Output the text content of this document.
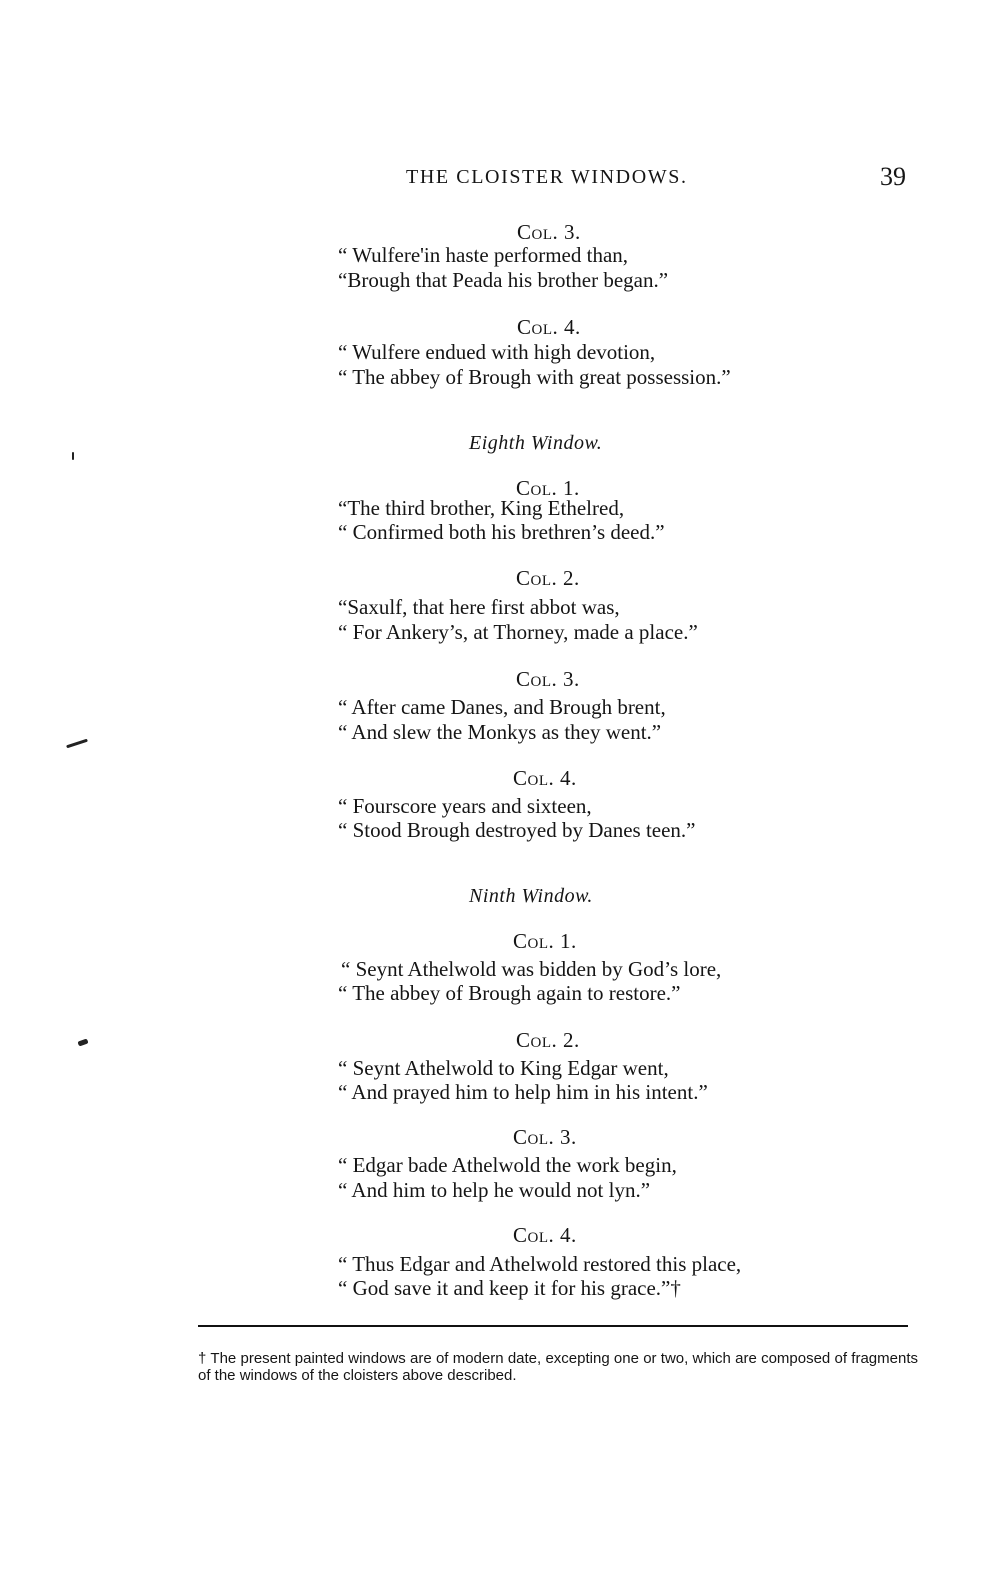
THE CLOISTER WINDOWS.	39
Col. 3.
“ Wulfere'in haste performed than,
“Brough that Peada his brother began.”
Col. 4.
“ Wulfere endued with high devotion,
“ The abbey of Brough with great possession.”
Eighth Window.
Col. 1.
“The third brother, King Ethelred,
“ Confirmed both his brethren’s deed.”
Col. 2.
“Saxulf, that here first abbot was,
“ For Ankery’s, at Thorney, made a place.”
Col. 3.
“ After came Danes, and Brough brent,
“ And slew the Monkys as they went.”
Col. 4.
“ Fourscore years and sixteen,
“ Stood Brough destroyed by Danes teen.”
Ninth Window.
Col. 1.
“ Seynt Athelwold was bidden by God’s lore,
“ The abbey of Brough again to restore.”
Col. 2.
“ Seynt Athelwold to King Edgar went,
“ And prayed him to help him in his intent.”
Col. 3.
“ Edgar bade Athelwold the work begin,
“ And him to help he would not lyn.”
Col. 4.
“ Thus Edgar and Athelwold restored this place,
“ God save it and keep it for his grace.”†
† The present painted windows are of modern date, excepting one or two, which are composed of fragments of the windows of the cloisters above described.
